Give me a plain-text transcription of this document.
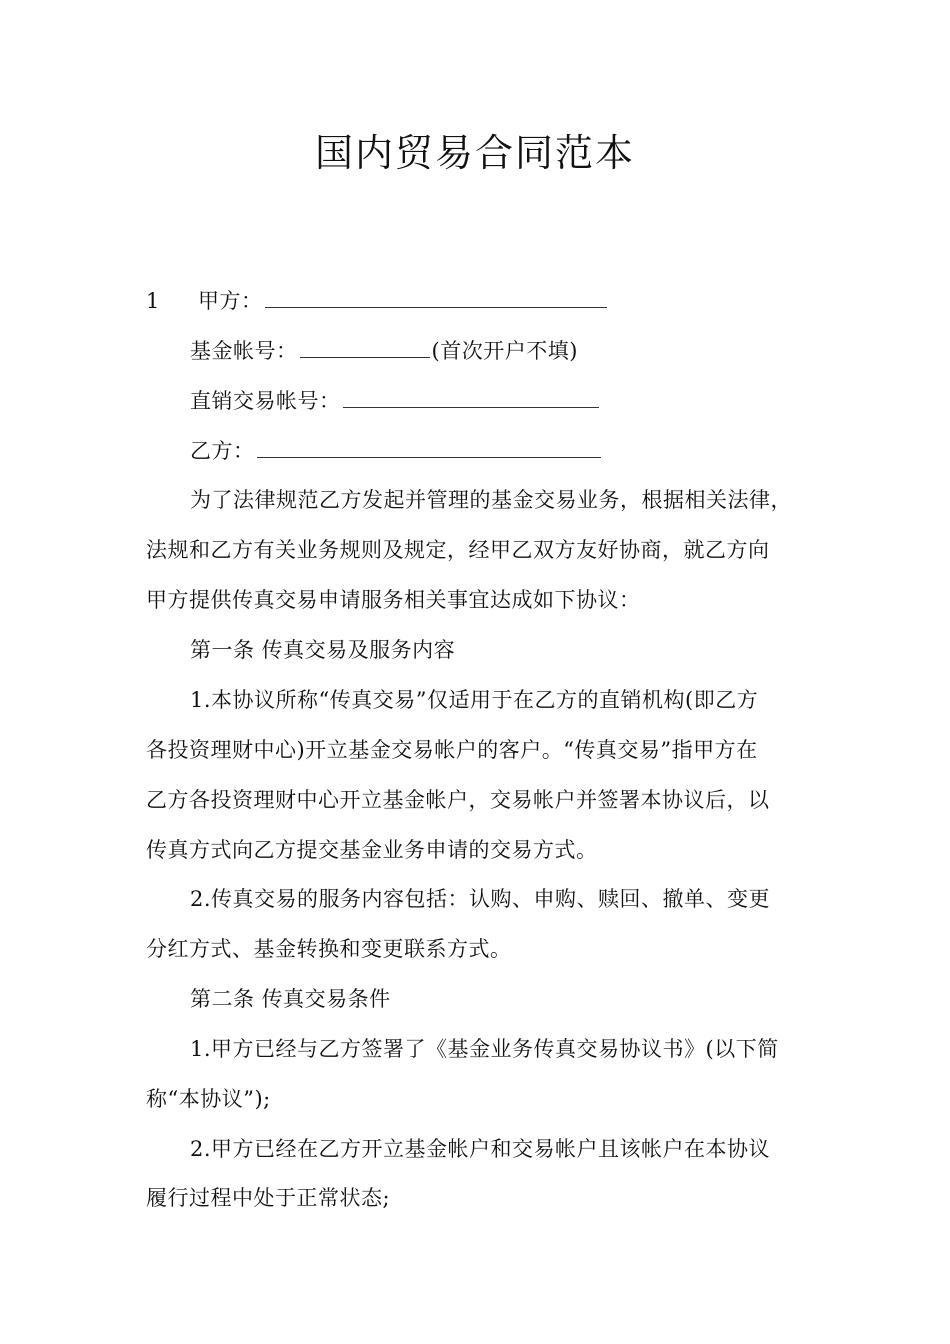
国内贸易合同范本
1 甲方：
基金帐号：	(首次开户不填)
直销交易帐号：
乙方：
为了法律规范乙方发起并管理的基金交易业务，根据相关法律，
法规和乙方有关业务规则及规定，经甲乙双方友好协商，就乙方向
甲方提供传真交易申请服务相关事宜达成如下协议：
第一条 传真交易及服务内容
1.本协议所称“传真交易”仅适用于在乙方的直销机构(即乙方
各投资理财中心)开立基金交易帐户的客户。“传真交易”指甲方在
乙方各投资理财中心开立基金帐户，交易帐户并签署本协议后，以
传真方式向乙方提交基金业务申请的交易方式。
2.传真交易的服务内容包括：认购、申购、赎回、撤单、变更
分红方式、基金转换和变更联系方式。
第二条 传真交易条件
1.甲方已经与乙方签署了《基金业务传真交易协议书》(以下简
称“本协议”);
2.甲方已经在乙方开立基金帐户和交易帐户且该帐户在本协议
履行过程中处于正常状态;
